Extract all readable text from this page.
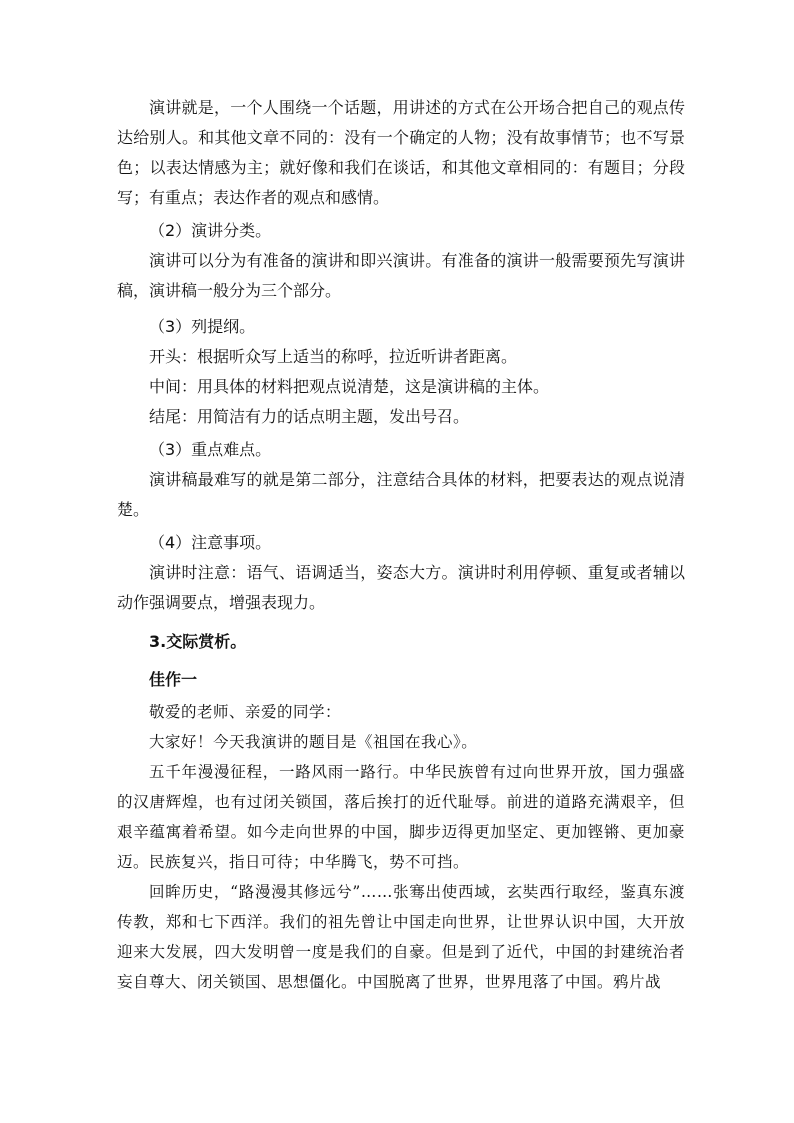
演讲就是，一个人围绕一个话题，用讲述的方式在公开场合把自己的观点传达给别人。和其他文章不同的：没有一个确定的人物；没有故事情节；也不写景色；以表达情感为主；就好像和我们在谈话，和其他文章相同的：有题目；分段写；有重点；表达作者的观点和感情。

（2）演讲分类。

演讲可以分为有准备的演讲和即兴演讲。有准备的演讲一般需要预先写演讲稿，演讲稿一般分为三个部分。

（3）列提纲。

开头：根据听众写上适当的称呼，拉近听讲者距离。

中间：用具体的材料把观点说清楚，这是演讲稿的主体。

结尾：用简洁有力的话点明主题，发出号召。

（3）重点难点。

演讲稿最难写的就是第二部分，注意结合具体的材料，把要表达的观点说清楚。

（4）注意事项。

演讲时注意：语气、语调适当，姿态大方。演讲时利用停顿、重复或者辅以动作强调要点，增强表现力。

3.交际赏析。

佳作一

敬爱的老师、亲爱的同学：

大家好！今天我演讲的题目是《祖国在我心》。

五千年漫漫征程，一路风雨一路行。中华民族曾有过向世界开放，国力强盛的汉唐辉煌，也有过闭关锁国，落后挨打的近代耻辱。前进的道路充满艰辛，但艰辛蕴寓着希望。如今走向世界的中国，脚步迈得更加坚定、更加铿锵、更加豪迈。民族复兴，指日可待；中华腾飞，势不可挡。

回眸历史，“路漫漫其修远兮”……张骞出使西域，玄奘西行取经，鉴真东渡传教，郑和七下西洋。我们的祖先曾让中国走向世界，让世界认识中国，大开放迎来大发展，四大发明曾一度是我们的自豪。但是到了近代，中国的封建统治者妄自尊大、闭关锁国、思想僵化。中国脱离了世界，世界甩落了中国。鸦片战
